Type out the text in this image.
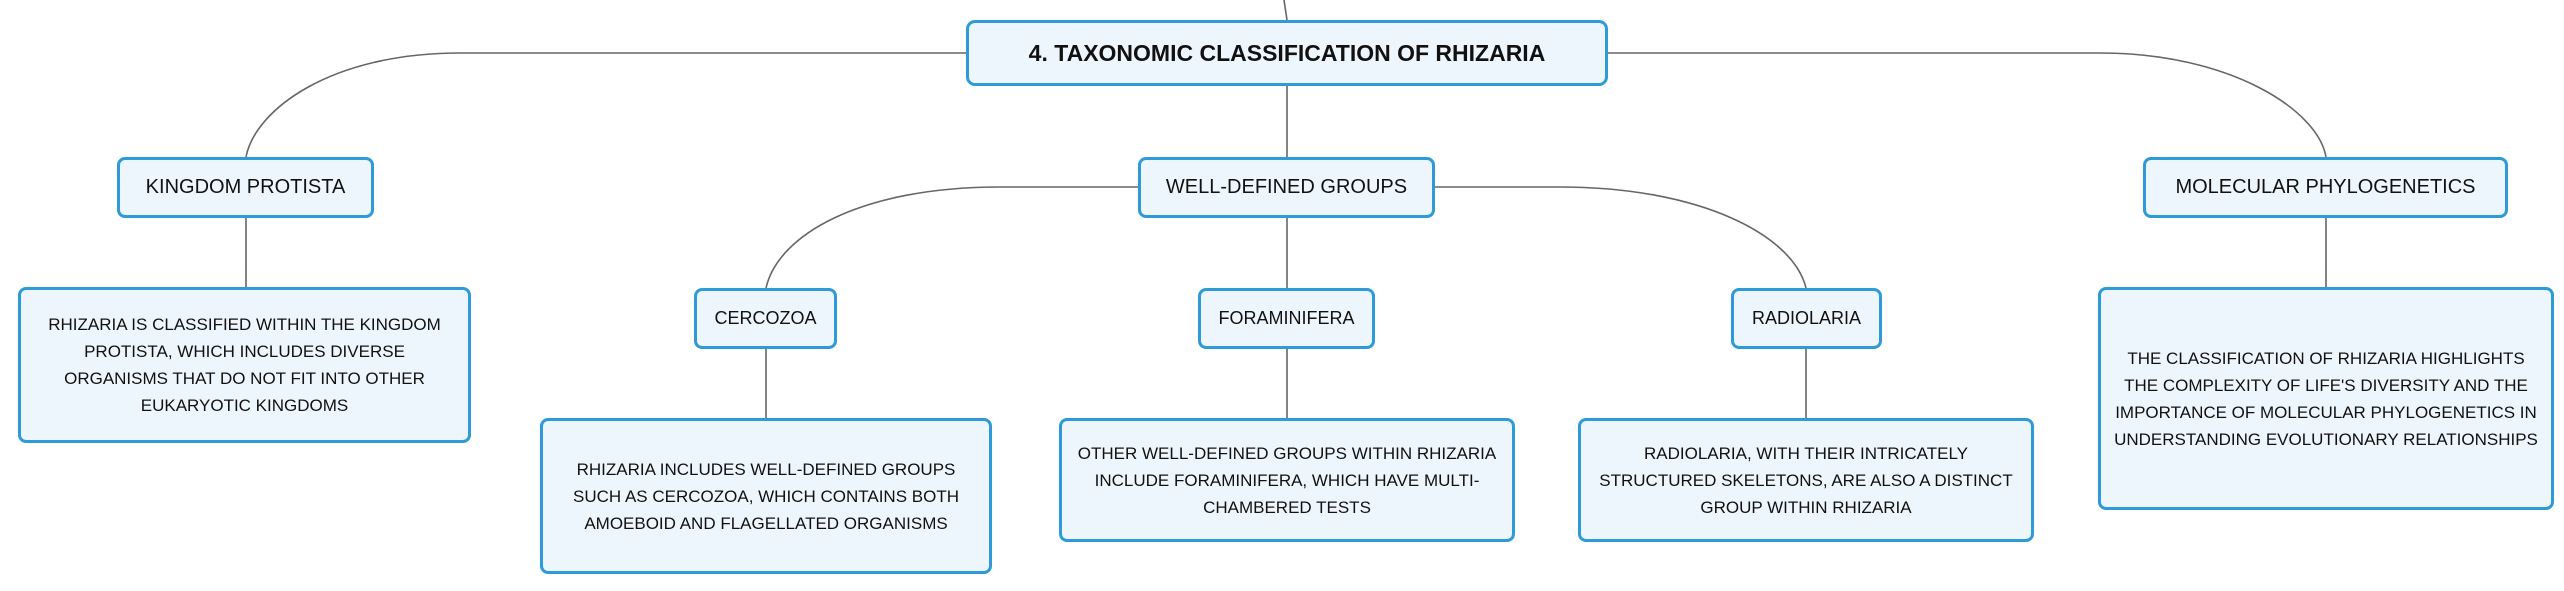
4. TAXONOMIC CLASSIFICATION OF RHIZARIA
KINGDOM PROTISTA	WELL-DEFINED GROUPS	MOLECULAR PHYLOGENETICS
CERCOZOA	FORAMINIFERA	RADIOLARIA
RHIZARIA IS CLASSIFIED WITHIN THE KINGDOM PROTISTA, WHICH INCLUDES DIVERSE ORGANISMS THAT DO NOT FIT INTO OTHER EUKARYOTIC KINGDOMS
RHIZARIA INCLUDES WELL-DEFINED GROUPS SUCH AS CERCOZOA, WHICH CONTAINS BOTH AMOEBOID AND FLAGELLATED ORGANISMS
OTHER WELL-DEFINED GROUPS WITHIN RHIZARIA INCLUDE FORAMINIFERA, WHICH HAVE MULTI-CHAMBERED TESTS
RADIOLARIA, WITH THEIR INTRICATELY STRUCTURED SKELETONS, ARE ALSO A DISTINCT GROUP WITHIN RHIZARIA
THE CLASSIFICATION OF RHIZARIA HIGHLIGHTS THE COMPLEXITY OF LIFE'S DIVERSITY AND THE IMPORTANCE OF MOLECULAR PHYLOGENETICS IN UNDERSTANDING EVOLUTIONARY RELATIONSHIPS
